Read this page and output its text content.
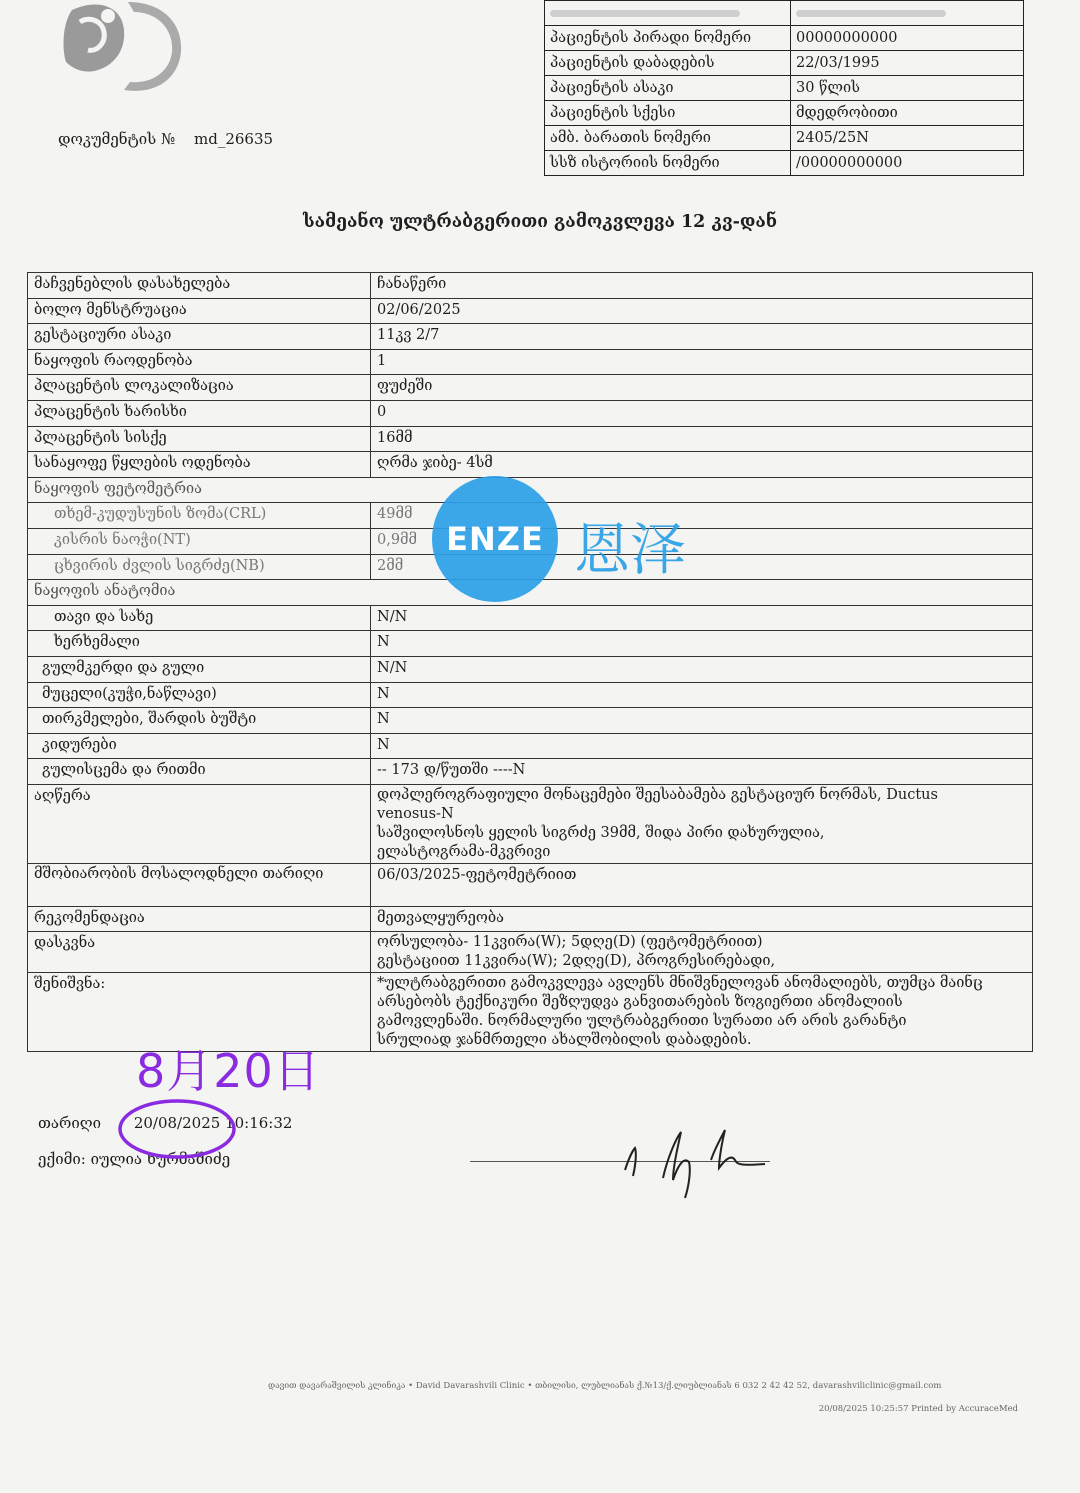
დოკუმენტის № md_26635

პაციენტის პირადი ნომერი	00000000000
პაციენტის დაბადების	22/03/1995
პაციენტის ასაკი	30 წლის
პაციენტის სქესი	მდედრობითი
ამბ. ბარათის ნომერი	2405/25N
სსზ ისტორიის ნომერი	/00000000000
სამეანო ულტრაბგერითი გამოკვლევა 12 კვ-დან
მაჩვენებლის დასახელება	ჩანაწერი
ბოლო მენსტრუაცია	02/06/2025
გესტაციური ასაკი	11კვ 2/7
ნაყოფის რაოდენობა	1
პლაცენტის ლოკალიზაცია	ფუძეში
პლაცენტის ხარისხი	0
პლაცენტის სისქე	16მმ
სანაყოფე წყლების ოდენობა	ღრმა ჯიბე- 4სმ
ნაყოფის ფეტომეტრია	
თხემ-კუდუსუნის ზომა(CRL)	49მმ
კისრის ნაოჭი(NT)	0,9მმ
ცხვირის ძვლის სიგრძე(NB)	2მმ
ნაყოფის ანატომია	
თავი და სახე	N/N
ხერხემალი	N
გულმკერდი და გული	N/N
მუცელი(კუჭი,ნაწლავი)	N
თირკმელები, შარდის ბუშტი	N
კიდურები	N
გულისცემა და რითმი	-- 173 დ/წუთში ----N
აღწერა	დოპლეროგრაფიული მონაცემები შეესაბამება გესტაციურ ნორმას, Ductus
venosus-N
საშვილოსნოს ყელის სიგრძე 39მმ, შიდა პირი დახურულია,
ელასტოგრამა-მკვრივი

მშობიარობის მოსალოდნელი თარიღი	06/03/2025-ფეტომეტრიით
რეკომენდაცია	მეთვალყურეობა
დასკვნა	ორსულობა- 11კვირა(W); 5დღე(D) (ფეტომეტრიით)
გესტაციით 11კვირა(W); 2დღე(D), პროგრესირებადი,

შენიშვნა:	*ულტრაბგერითი გამოკვლევა ავლენს მნიშვნელოვან ანომალიებს, თუმცა მაინც
არსებობს ტექნიკური შეზღუდვა განვითარების ზოგიერთი ანომალიის
გამოვლენაში. ნორმალური ულტრაბგერითი სურათი არ არის გარანტი
სრულიად ჯანმრთელი ახალშობილის დაბადების.
თარიღი 20/08/2025 10:16:32
ექიმი: იულია ხურმაშიძე
8月20日
ENZE 恩泽
დავით დავარაშვილის კლინიკა • David Davarashvili Clinic • თბილისი, ლუბლიანას ქ.№13/ქ.ლიუბლიანას 6 032 2 42 42 52, davarashviliclinic@gmail.com
20/08/2025 10:25:57 Printed by AccuraceMed
